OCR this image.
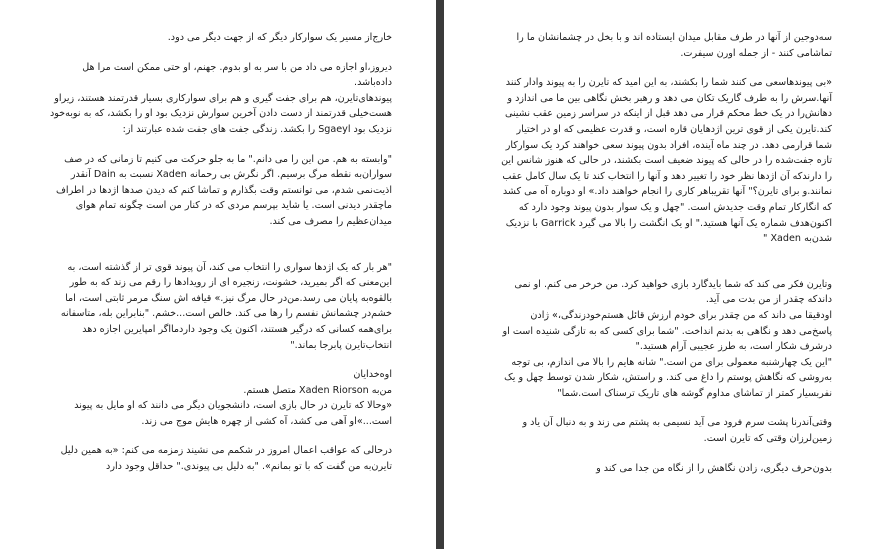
خارج‌از مسیر یک سوارکار دیگر که از جهت دیگر می دود.

دیروز،او اجازه می داد من با سر به او بدوم. جهنم، او حتی ممکن است مرا هل داده‌باشد.

پیوندهای‌تایرن، هم برای جفت گیری و هم برای سوارکاری بسیار قدرتمند هستند، زیرا‌و هست‌خیلی قدرتمند از دست دادن آخرین سوارش نزدیک بود او را بکشد، که به نوبه‌خود نزدیک بود Sgaeyl را بکشد. زندگی جفت های جفت شده عبارتند از:

"وابسته به هم. من این را می دانم." ما به جلو حرکت می کنیم تا زمانی که در صف سواران‌به نقطه مرگ برسیم. اگر نگرش بی رحمانه Xaden نسبت به Dain آنقدر اذیت‌نمی شدم، می توانستم وقت بگذارم و تماشا کنم که دیدن صدها اژدها در اطراف ما‌چقدر دیدنی است. یا شاید بپرسم مردی که در کنار من است چگونه تمام هوای میدان‌عظیم را مصرف می کند.

"هر بار که یک اژدها سواری را انتخاب می کند، آن پیوند قوی تر از گذشته است، به این‌معنی که اگر بمیرید، خشونت، زنجیره ای از رویدادها را رقم می زند که به طور بالقوه‌به پایان می رسد.من‌در حال مرگ نیز.» قیافه اش سنگ مرمر ثابتی است، اما خشم‌در چشمانش نفسم را رها می کند. خالص است...خشم. "بنابراین بله، متاسفانه برای‌همه کسانی که درگیر هستند، اکنون یک وجود داردما‌اگر امپایرین اجازه دهد انتخاب‌تایرن پابرجا بماند."

اوه‌خدایان

من‌به Xaden Riorson متصل هستم.

«وحالا که تایرن در حال بازی است، دانشجویان دیگر می دانند که او مایل به پیوند است...»او آهی می کشد، آه کشی از چهره هایش موج می زند.

درحالی که عواقب اعمال امروز در شکمم می نشیند زمزمه می کنم: «به همین دلیل تایرن‌به من گفت که با تو بمانم». "به دلیل بی پیوندی." حداقل وجود دارد

سه‌دوجین از آنها در طرف مقابل میدان ایستاده اند و با بخل در چشمانشان ما را تماشامی کنند - از جمله اورن سیفرت.

«بی پیوندهاسعی می کنند شما را بکشند، به این امید که تایرن را به پیوند وادار کنند آنها.سرش را به طرف گاریک تکان می دهد و رهبر بخش نگاهی بین ما می اندازد و دهانش‌را در یک خط محکم قرار می دهد قبل از اینکه در سراسر زمین عقب نشینی کند.تایرن یکی از قوی ترین اژدهایان قاره است، و قدرت عظیمی که او در اختیار شما قرارمی دهد. در چند ماه آینده، افراد بدون پیوند سعی خواهند کرد یک سوارکار تازه جفت‌شده را در حالی که پیوند ضعیف است بکشند، در حالی که هنوز شانس این را دارندکه آن اژدها نظر خود را تغییر دهد و آنها را انتخاب کند تا یک سال کامل عقب نمانند.و برای تایرن؟" آنها تقریبا‌هر کاری را انجام خواهند داد.» او دوباره آه می کشد که انگارکار تمام وقت جدیدش است. "چهل و یک سوار بدون پیوند وجود دارد که اکنون‌هدف شماره یک آنها هستید." او یک انگشت را بالا می گیرد Garrick با نزدیک شدن‌به Xaden "

وتایرن فکر می کند که شما باید‌گارد بازی خواهید کرد. من خرخر می کنم. او نمی داندکه چقدر از من بدت می آید.

اودقیقا می داند که من چقدر برای خودم ارزش قائل هستم‌خود‌زندگی،» ژادن پاسخ‌می دهد و نگاهی به بدنم انداخت. "شما برای کسی که به تازگی شنیده است او درشرف شکار است، به طرز عجیبی آرام هستید."

"این یک چهارشنبه معمولی برای من است." شانه هایم را بالا می اندازم، بی توجه به‌روشی که نگاهش پوستم را داغ می کند. و راستش، شکار شدن توسط چهل و یک نفربسیار کمتر از تماشای مداوم گوشه های تاریک ترسناک است.شما"

وقتی‌آندرنا پشت سرم فرود می آید نسیمی به پشتم می زند و به دنبال آن یاد و زمین‌لرزان وقتی که تایرن است.

بدون‌حرف دیگری، زادن نگاهش را از نگاه من جدا می کند و
